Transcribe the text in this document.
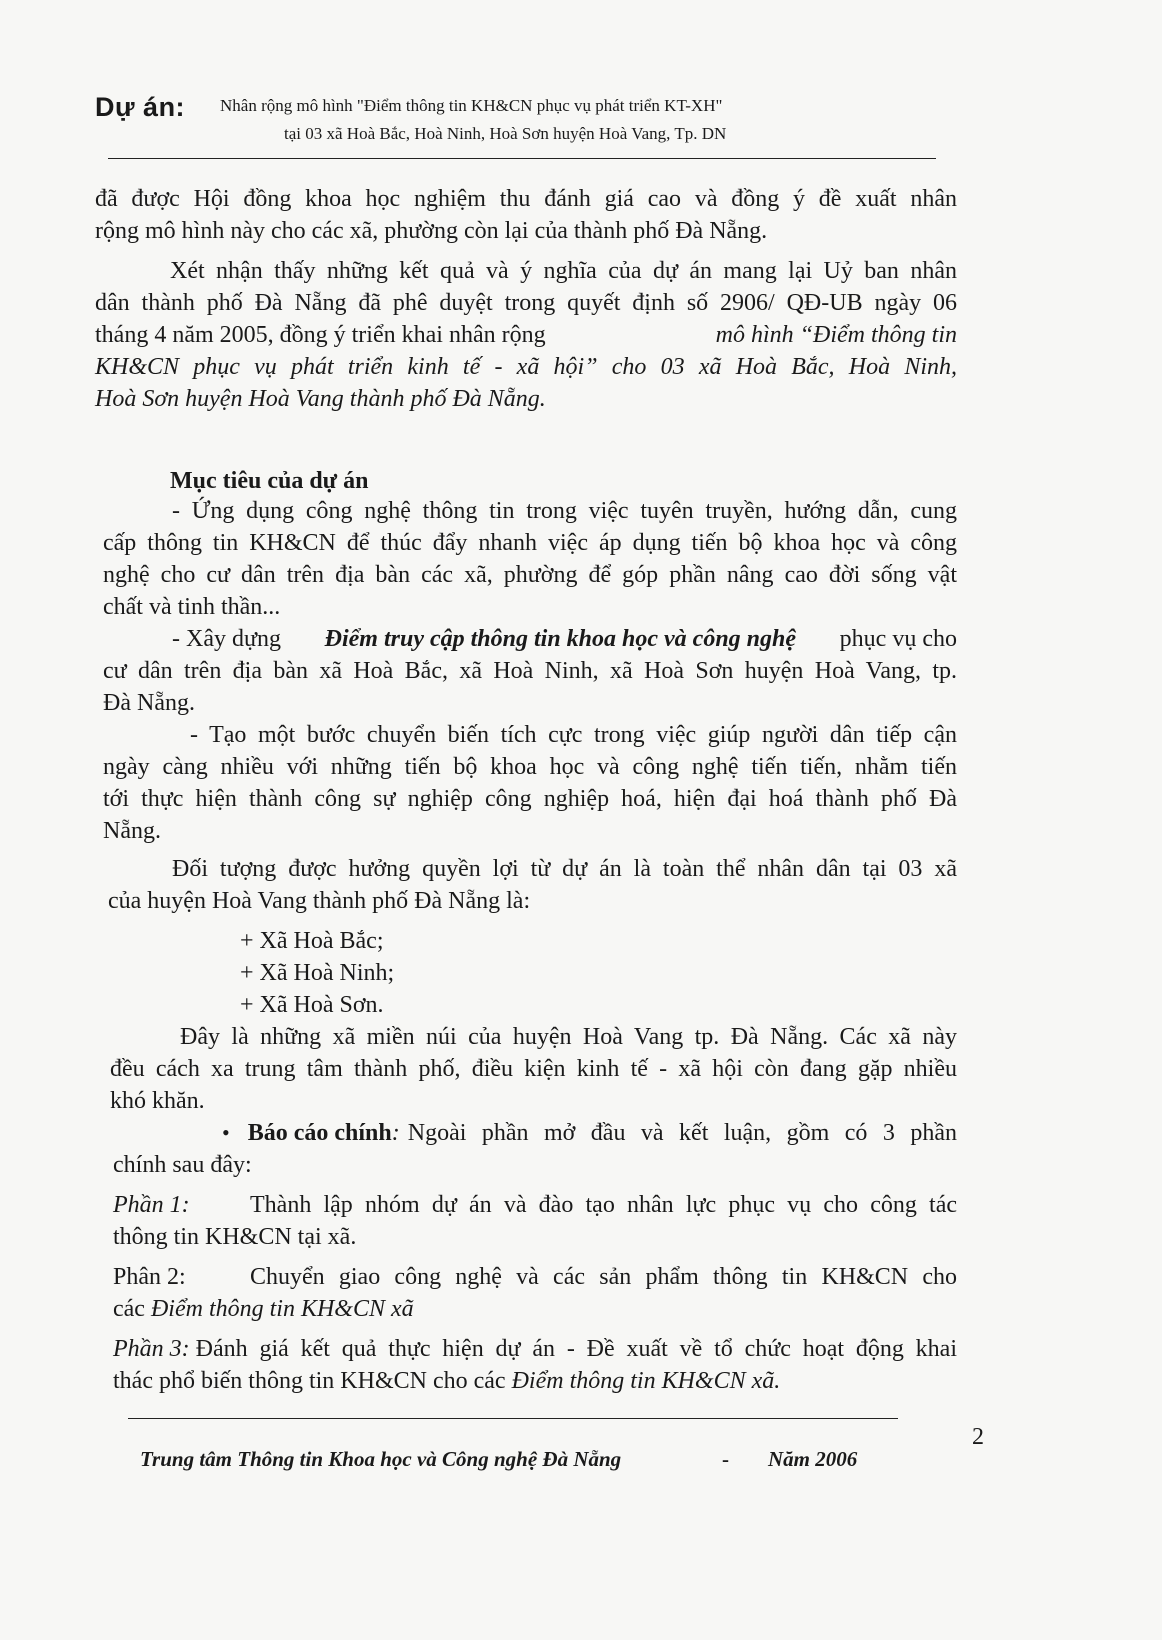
Dự án: Nhân rộng mô hình "Điểm thông tin KH&CN phục vụ phát triển KT-XH"
tại 03 xã Hoà Bắc, Hoà Ninh, Hoà Sơn huyện Hoà Vang, Tp. DN
đã được Hội đồng khoa học nghiệm thu đánh giá cao và đồng ý đề xuất nhân
rộng mô hình này cho các xã, phường còn lại của thành phố Đà Nẵng.
Xét nhận thấy những kết quả và ý nghĩa của dự án mang lại Uỷ ban nhân
dân thành phố Đà Nẵng đã phê duyệt trong quyết định số 2906/ QĐ-UB ngày 06
tháng 4 năm 2005, đồng ý triển khai nhân rộng	mô hình “Điểm thông tin
KH&CN phục vụ phát triển kinh tế - xã hội” cho 03 xã Hoà Bắc, Hoà Ninh,
Hoà Sơn huyện Hoà Vang thành phố Đà Nẵng.
Mục tiêu của dự án
- Ứng dụng công nghệ thông tin trong việc tuyên truyền, hướng dẫn, cung
cấp thông tin KH&CN để thúc đẩy nhanh việc áp dụng tiến bộ khoa học và công
nghệ cho cư dân trên địa bàn các xã, phường để góp phần nâng cao đời sống vật
chất và tinh thần...
- Xây dựng Điểm truy cập thông tin khoa học và công nghệ phục vụ cho
cư dân trên địa bàn xã Hoà Bắc, xã Hoà Ninh, xã Hoà Sơn huyện Hoà Vang, tp.
Đà Nẵng.
- Tạo một bước chuyển biến tích cực trong việc giúp người dân tiếp cận
ngày càng nhiều với những tiến bộ khoa học và công nghệ tiến tiến, nhằm tiến
tới thực hiện thành công sự nghiệp công nghiệp hoá, hiện đại hoá thành phố Đà
Nẵng.
Đối tượng được hưởng quyền lợi từ dự án là toàn thể nhân dân tại 03 xã
của huyện Hoà Vang thành phố Đà Nẵng là:
+ Xã Hoà Bắc;
+ Xã Hoà Ninh;
+ Xã Hoà Sơn.
Đây là những xã miền núi của huyện Hoà Vang tp. Đà Nẵng. Các xã này
đều cách xa trung tâm thành phố, điều kiện kinh tế - xã hội còn đang gặp nhiều
khó khăn.
• Báo cáo chính : Ngoài phần mở đầu và kết luận, gồm có 3 phần
chính sau đây:
Phần 1:	Thành lập nhóm dự án và đào tạo nhân lực phục vụ cho công tác
thông tin KH&CN tại xã.
Phân 2:	Chuyển giao công nghệ và các sản phẩm thông tin KH&CN cho
các Điểm thông tin KH&CN xã
Phần 3: Đánh giá kết quả thực hiện dự án - Đề xuất về tổ chức hoạt động khai
thác phổ biến thông tin KH&CN cho các Điểm thông tin KH&CN xã.
2
Trung tâm Thông tin Khoa học và Công nghệ Đà Nẵng	- Năm 2006
